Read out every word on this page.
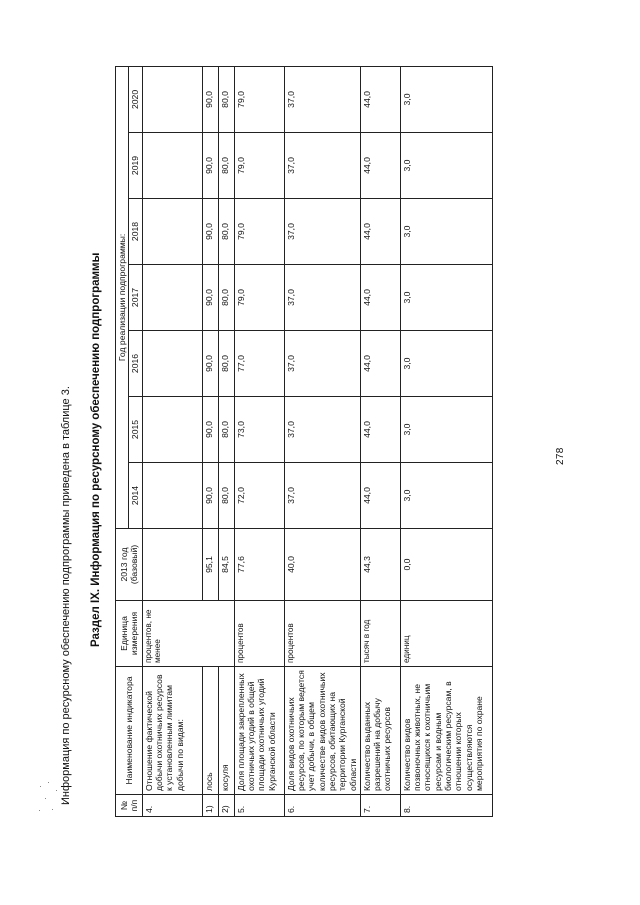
278
№ п/п	Наименование индикатора	Единица измерения	2013 год (базовый)	Год реализации подпрограммы:						
				2014	2015	2016	2017	2018	2019	2020
4.	Отношение фактической добычи охотничьих ресурсов к установленным лимитам добычи по видам:	процентов, не менее								
1)	лось		95,1	90,0	90,0	90,0	90,0	90,0	90,0	90,0
2)	косуля		84,5	80,0	80,0	80,0	80,0	80,0	80,0	80,0
5.	Доля площади закрепленных охотничьих угодий в общей площади охотничьих угодий Курганской области	процентов	77,6	72,0	73,0	77,0	79,0	79,0	79,0	79,0
6.	Доля видов охотничьих ресурсов, по которым ведется учет добычи, в общем количестве видов охотничьих ресурсов, обитающих на территории Курганской области	процентов	40,0	37,0	37,0	37,0	37,0	37,0	37,0	37,0
7.	Количество выданных разрешений на добычу охотничьих ресурсов	тысяч в год	44,3	44,0	44,0	44,0	44,0	44,0	44,0	44,0
8.	Количество видов позвоночных животных, не относящихся к охотничьим ресурсам и водным биологическим ресурсам, в отношении которых осуществляются мероприятия по охране	единиц	0,0	3,0	3,0	3,0	3,0	3,0	3,0	3,0
Раздел IX. Информация по ресурсному обеспечению подпрограммы
Информация по ресурсному обеспечению подпрограммы приведена в таблице 3.
